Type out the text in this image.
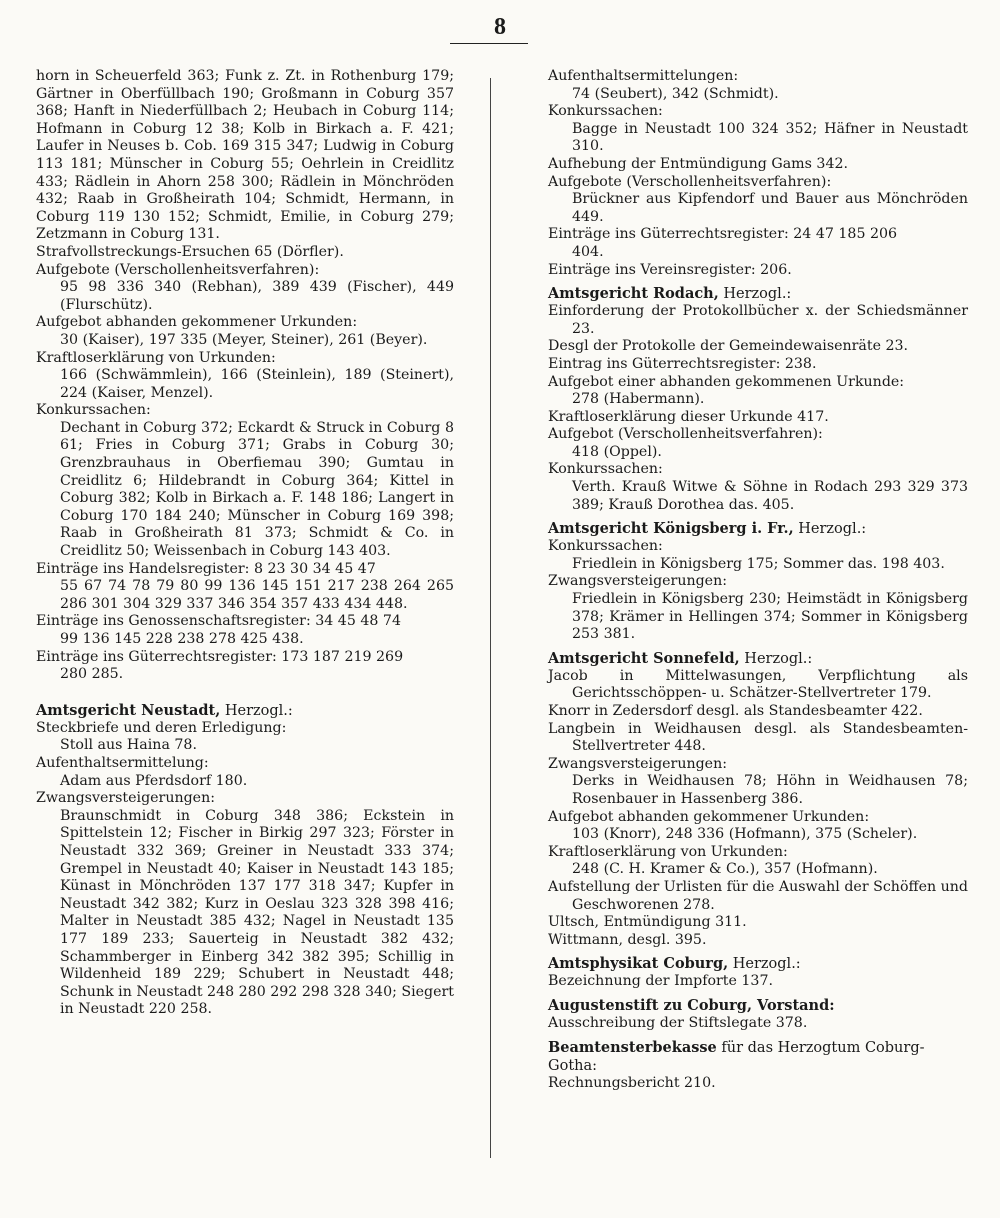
8

horn in Scheuerfeld 363; Funk z. Zt. in Rothenburg 179; Gärtner in Oberfüllbach 190; Großmann in Coburg 357 368; Hanft in Niederfüllbach 2; Heubach in Coburg 114; Hofmann in Coburg 12 38; Kolb in Birkach a. F. 421; Laufer in Neuses b. Cob. 169 315 347; Ludwig in Coburg 113 181; Münscher in Coburg 55; Oehrlein in Creidlitz 433; Rädlein in Ahorn 258 300; Rädlein in Mönchröden 432; Raab in Großheirath 104; Schmidt, Hermann, in Coburg 119 130 152; Schmidt, Emilie, in Coburg 279; Zetzmann in Coburg 131.

Strafvollstreckungs-Ersuchen 65 (Dörfler).

Aufgebote (Verschollenheitsverfahren):

95 98 336 340 (Rebhan), 389 439 (Fischer), 449 (Flurschütz).

Aufgebot abhanden gekommener Urkunden:

30 (Kaiser), 197 335 (Meyer, Steiner), 261 (Beyer).

Kraftloserklärung von Urkunden:

166 (Schwämmlein), 166 (Steinlein), 189 (Steinert), 224 (Kaiser, Menzel).

Konkurssachen:

Dechant in Coburg 372; Eckardt & Struck in Coburg 8 61; Fries in Coburg 371; Grabs in Coburg 30; Grenzbrauhaus in Oberfiemau 390; Gumtau in Creidlitz 6; Hildebrandt in Coburg 364; Kittel in Coburg 382; Kolb in Birkach a. F. 148 186; Langert in Coburg 170 184 240; Münscher in Coburg 169 398; Raab in Großheirath 81 373; Schmidt & Co. in Creidlitz 50; Weissenbach in Coburg 143 403.

Einträge ins Handelsregister: 8 23 30 34 45 47

55 67 74 78 79 80 99 136 145 151 217 238 264 265 286 301 304 329 337 346 354 357 433 434 448.

Einträge ins Genossenschaftsregister: 34 45 48 74

99 136 145 228 238 278 425 438.

Einträge ins Güterrechtsregister: 173 187 219 269

280 285.

Amtsgericht Neustadt, Herzogl.:

Steckbriefe und deren Erledigung:

Stoll aus Haina 78.

Aufenthaltsermittelung:

Adam aus Pferdsdorf 180.

Zwangsversteigerungen:

Braunschmidt in Coburg 348 386; Eckstein in Spittelstein 12; Fischer in Birkig 297 323; Förster in Neustadt 332 369; Greiner in Neustadt 333 374; Grempel in Neustadt 40; Kaiser in Neustadt 143 185; Künast in Mönchröden 137 177 318 347; Kupfer in Neustadt 342 382; Kurz in Oeslau 323 328 398 416; Malter in Neustadt 385 432; Nagel in Neustadt 135 177 189 233; Sauerteig in Neustadt 382 432; Schammberger in Einberg 342 382 395; Schillig in Wildenheid 189 229; Schubert in Neustadt 448; Schunk in Neustadt 248 280 292 298 328 340; Siegert in Neustadt 220 258.

Aufenthaltsermittelungen:

74 (Seubert), 342 (Schmidt).

Konkurssachen:

Bagge in Neustadt 100 324 352; Häfner in Neustadt 310.

Aufhebung der Entmündigung Gams 342.

Aufgebote (Verschollenheitsverfahren):

Brückner aus Kipfendorf und Bauer aus Mönchröden 449.

Einträge ins Güterrechtsregister: 24 47 185 206

404.

Einträge ins Vereinsregister: 206.

Amtsgericht Rodach, Herzogl.:

Einforderung der Protokollbücher x. der Schiedsmänner 23.

Desgl der Protokolle der Gemeindewaisenräte 23.

Eintrag ins Güterrechtsregister: 238.

Aufgebot einer abhanden gekommenen Urkunde:

278 (Habermann).

Kraftloserklärung dieser Urkunde 417.

Aufgebot (Verschollenheitsverfahren):

418 (Oppel).

Konkurssachen:

Verth. Krauß Witwe & Söhne in Rodach 293 329 373 389; Krauß Dorothea das. 405.

Amtsgericht Königsberg i. Fr., Herzogl.:

Konkurssachen:

Friedlein in Königsberg 175; Sommer das. 198 403.

Zwangsversteigerungen:

Friedlein in Königsberg 230; Heimstädt in Königsberg 378; Krämer in Hellingen 374; Sommer in Königsberg 253 381.

Amtsgericht Sonnefeld, Herzogl.:

Jacob in Mittelwasungen, Verpflichtung als Gerichtsschöppen- u. Schätzer-Stellvertreter 179.

Knorr in Zedersdorf desgl. als Standesbeamter 422.

Langbein in Weidhausen desgl. als Standesbeamten-Stellvertreter 448.

Zwangsversteigerungen:

Derks in Weidhausen 78; Höhn in Weidhausen 78; Rosenbauer in Hassenberg 386.

Aufgebot abhanden gekommener Urkunden:

103 (Knorr), 248 336 (Hofmann), 375 (Scheler).

Kraftloserklärung von Urkunden:

248 (C. H. Kramer & Co.), 357 (Hofmann).

Aufstellung der Urlisten für die Auswahl der Schöffen und Geschworenen 278.

Ultsch, Entmündigung 311.

Wittmann, desgl. 395.

Amtsphysikat Coburg, Herzogl.:

Bezeichnung der Impforte 137.

Augustenstift zu Coburg, Vorstand:

Ausschreibung der Stiftslegate 378.

Beamtensterbekasse für das Herzogtum Coburg-Gotha:

Rechnungsbericht 210.
